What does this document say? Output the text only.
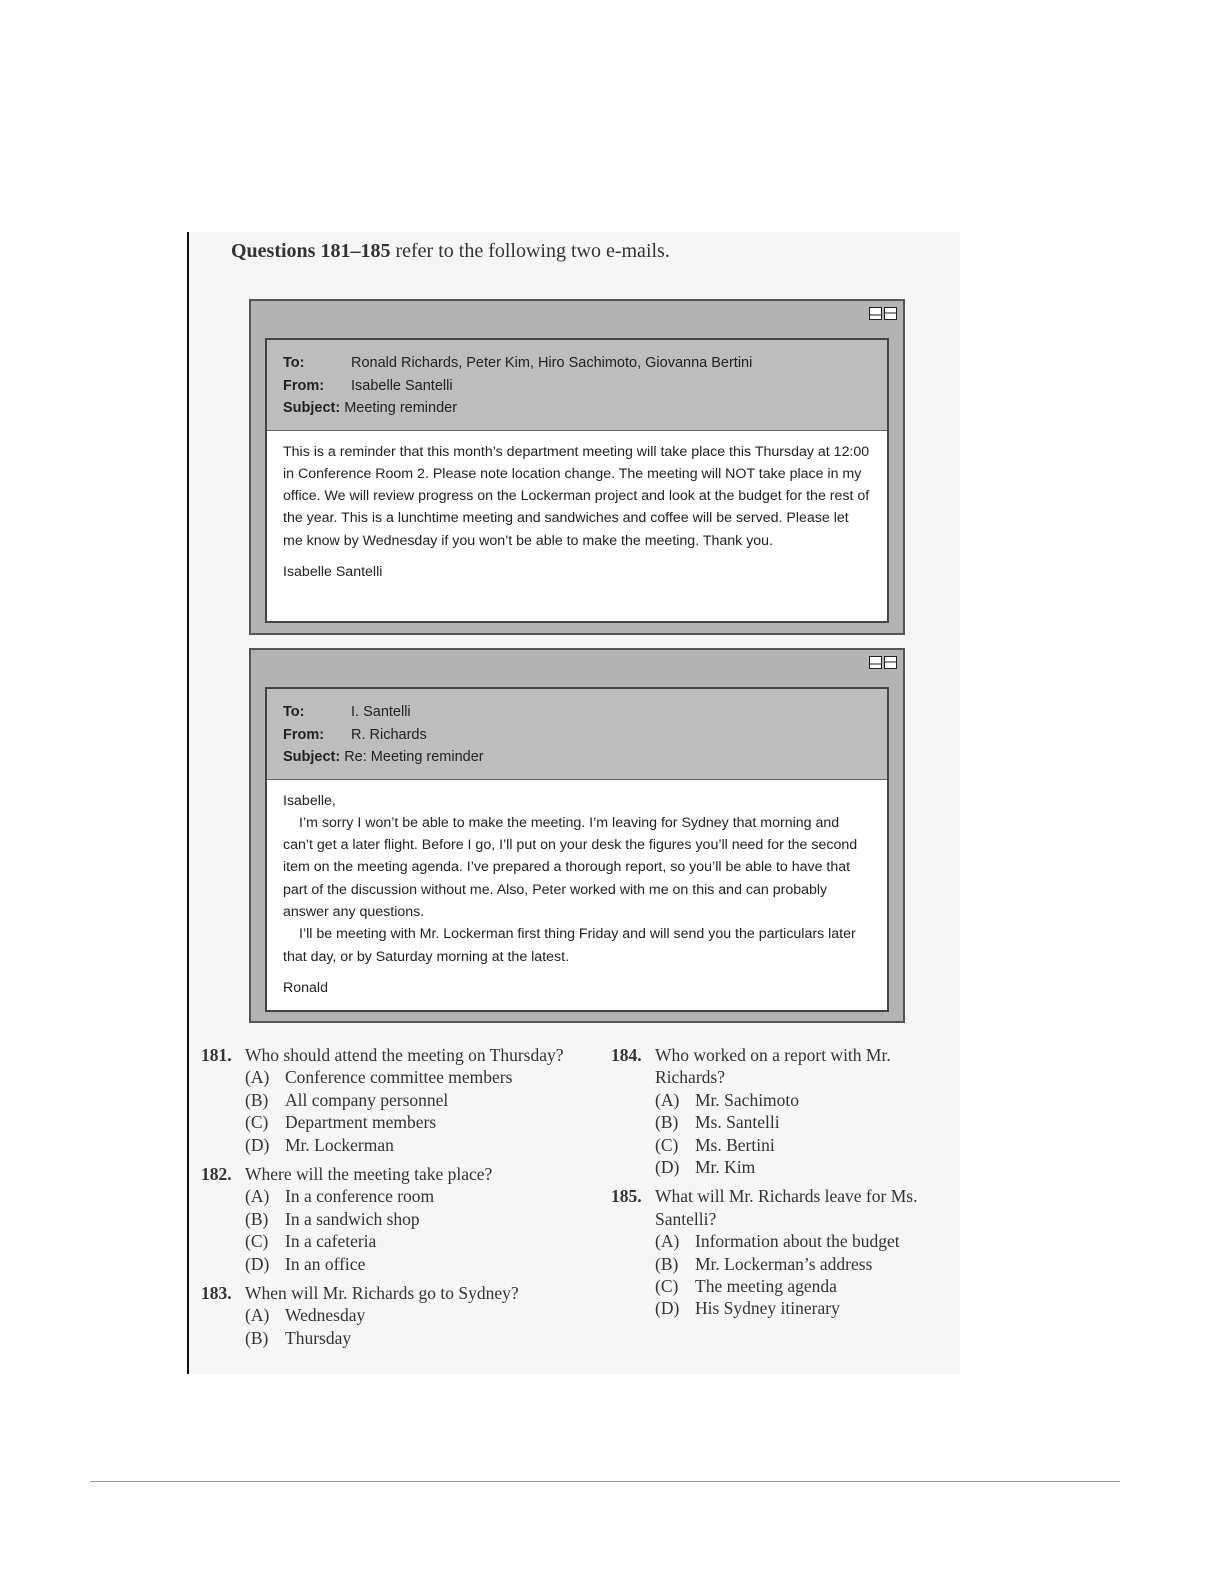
Questions 181–185 refer to the following two e-mails.
To:	Ronald Richards, Peter Kim, Hiro Sachimoto, Giovanna Bertini
From:	Isabelle Santelli
Subject: Meeting reminder

This is a reminder that this month’s department meeting will take place this Thursday at 12:00 in Conference Room 2. Please note location change. The meeting will NOT take place in my office. We will review progress on the Lockerman project and look at the budget for the rest of the year. This is a lunchtime meeting and sandwiches and coffee will be served. Please let me know by Wednesday if you won’t be able to make the meeting. Thank you.

Isabelle Santelli

To:	I. Santelli
From:	R. Richards
Subject: Re: Meeting reminder

Isabelle,

I’m sorry I won’t be able to make the meeting. I’m leaving for Sydney that morning and can’t get a later flight. Before I go, I’ll put on your desk the figures you’ll need for the second item on the meeting agenda. I’ve prepared a thorough report, so you’ll be able to have that part of the discussion without me. Also, Peter worked with me on this and can probably answer any questions.

I’ll be meeting with Mr. Lockerman first thing Friday and will send you the particulars later that day, or by Saturday morning at the latest.

Ronald

181. Who should attend the meeting on Thursday?
(A) Conference committee members
(B) All company personnel
(C) Department members
(D) Mr. Lockerman
182. Where will the meeting take place?
(A) In a conference room
(B) In a sandwich shop
(C) In a cafeteria
(D) In an office
183. When will Mr. Richards go to Sydney?
(A) Wednesday
(B) Thursday
184. Who worked on a report with Mr. Richards?
(A) Mr. Sachimoto
(B) Ms. Santelli
(C) Ms. Bertini
(D) Mr. Kim
185. What will Mr. Richards leave for Ms. Santelli?
(A) Information about the budget
(B) Mr. Lockerman’s address
(C) The meeting agenda
(D) His Sydney itinerary
